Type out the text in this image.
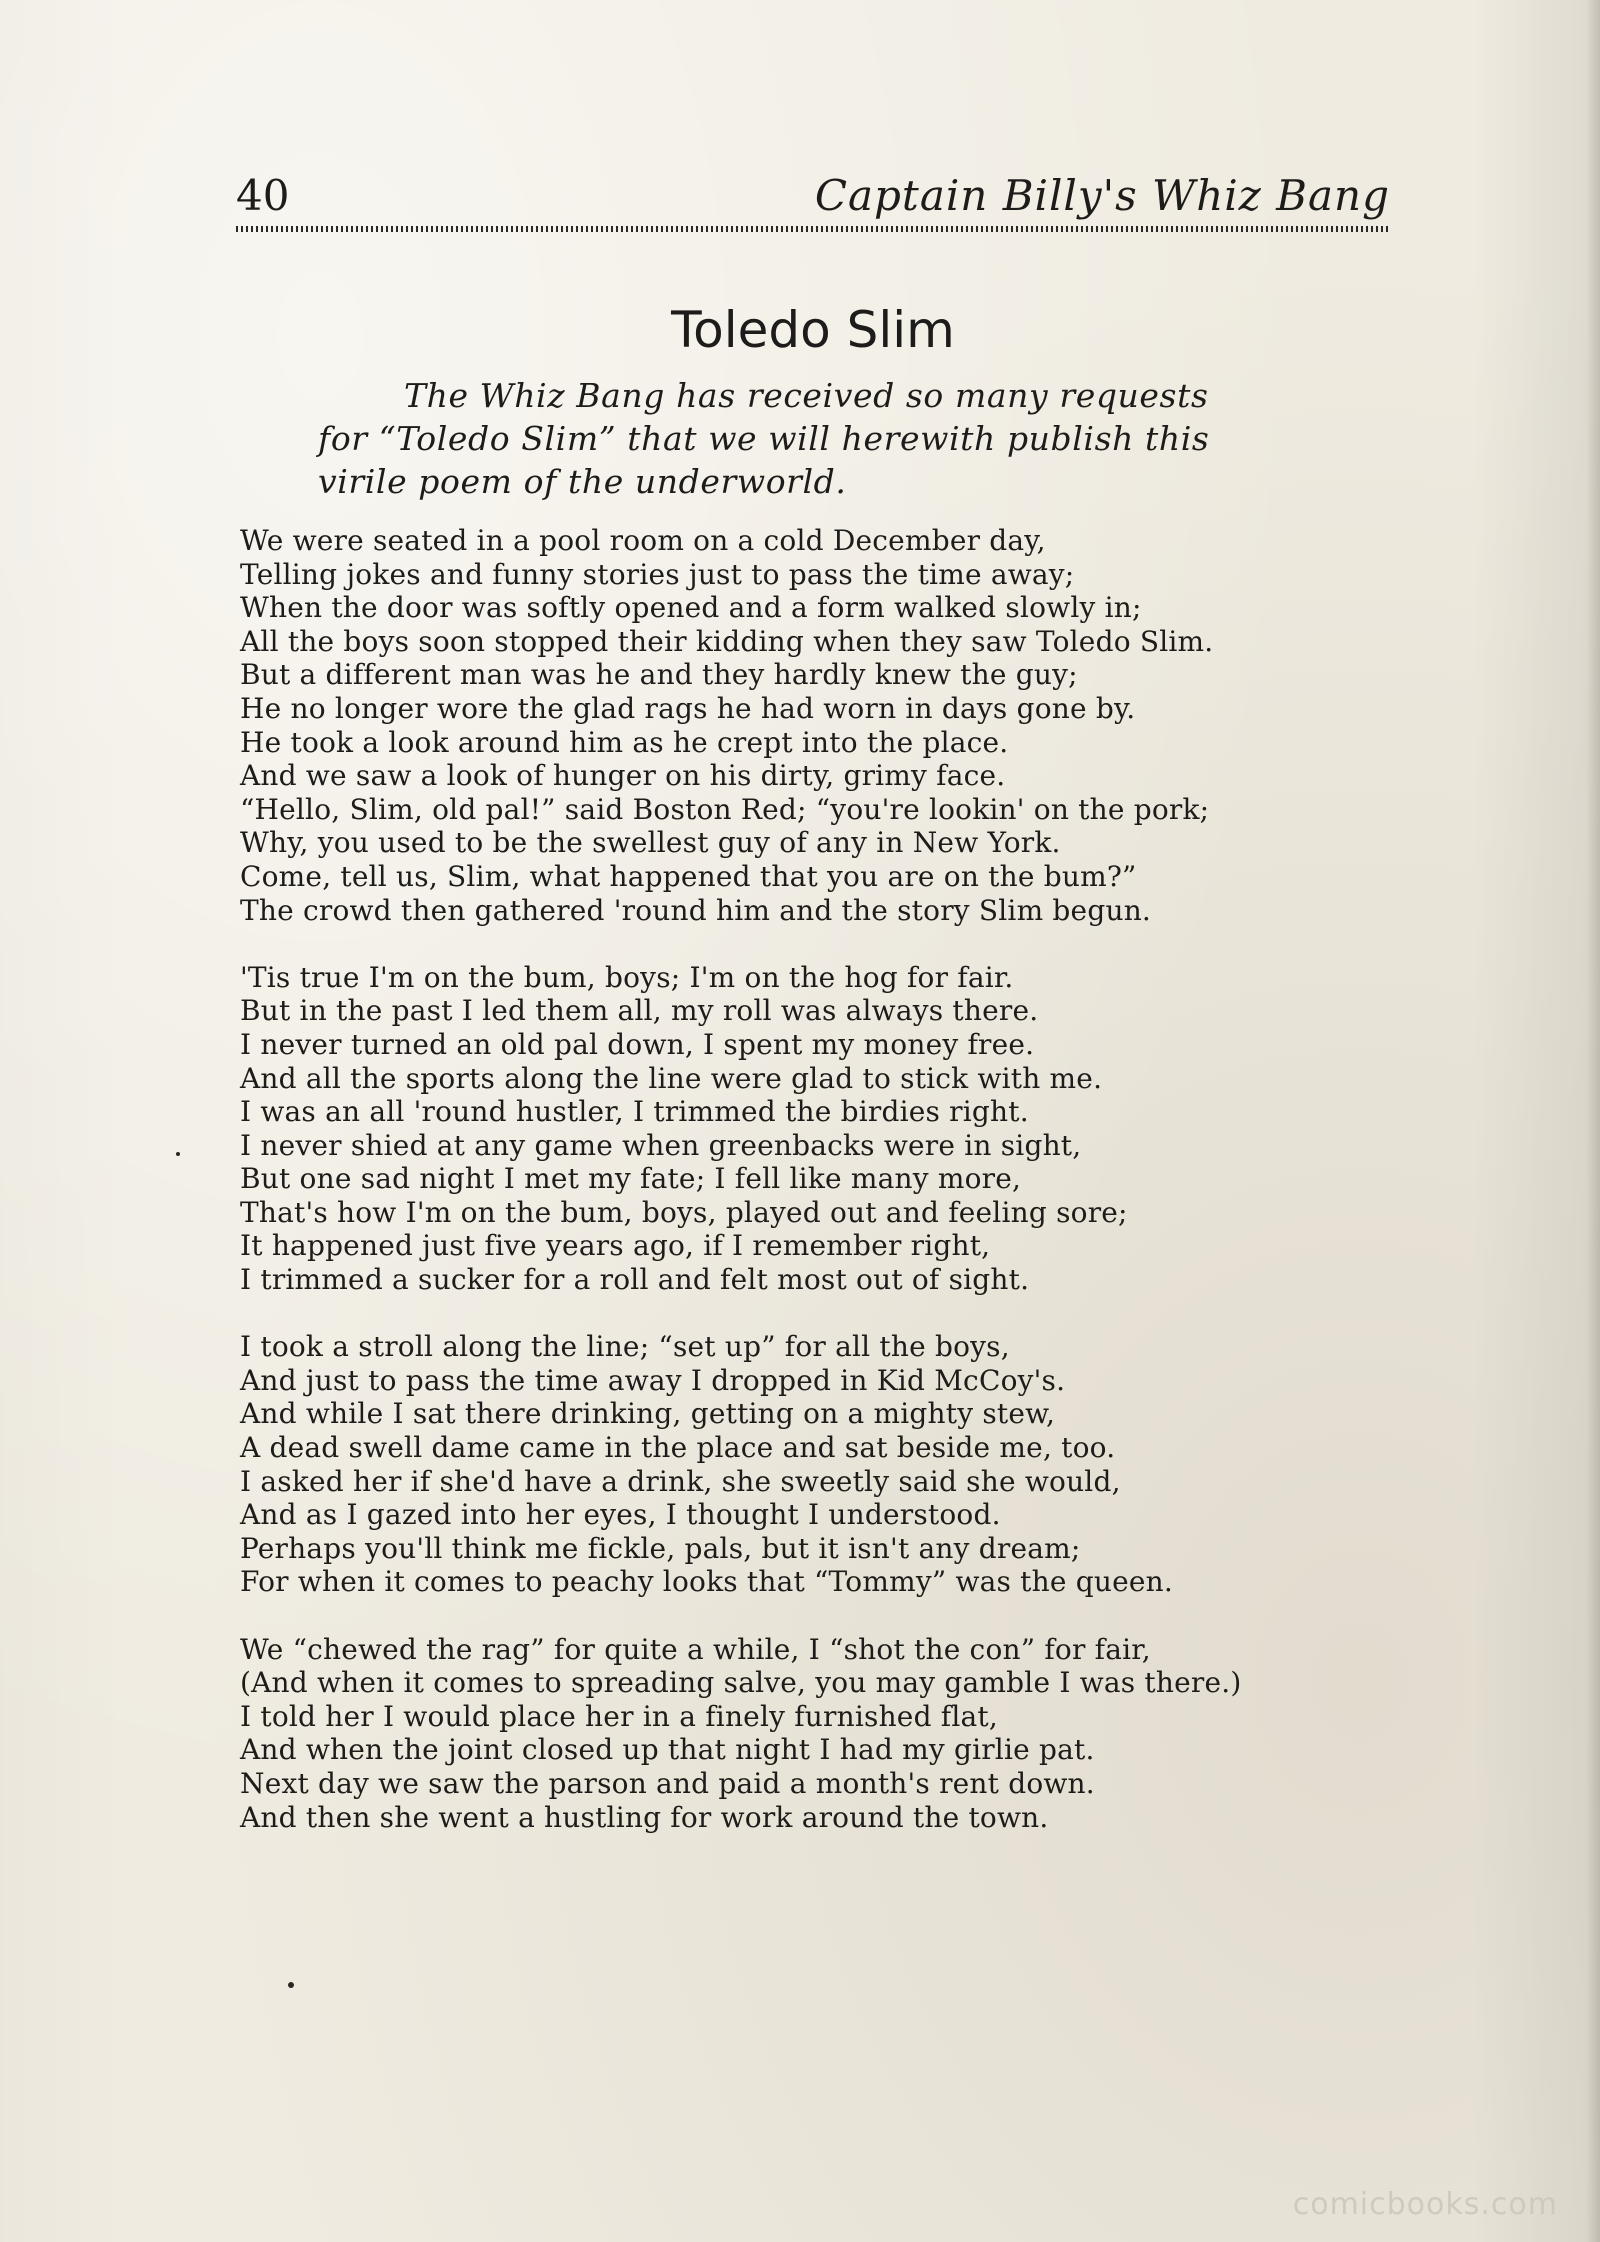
40	Captain Billy's Whiz Bang
Toledo Slim
The Whiz Bang has received so many requests
for “Toledo Slim” that we will herewith publish this
virile poem of the underworld.
We were seated in a pool room on a cold December day,
Telling jokes and funny stories just to pass the time away;
When the door was softly opened and a form walked slowly in;
All the boys soon stopped their kidding when they saw Toledo Slim.
But a different man was he and they hardly knew the guy;
He no longer wore the glad rags he had worn in days gone by.
He took a look around him as he crept into the place.
And we saw a look of hunger on his dirty, grimy face.
“Hello, Slim, old pal!” said Boston Red; “you're lookin' on the pork;
Why, you used to be the swellest guy of any in New York.
Come, tell us, Slim, what happened that you are on the bum?”
The crowd then gathered 'round him and the story Slim begun.
'Tis true I'm on the bum, boys; I'm on the hog for fair.
But in the past I led them all, my roll was always there.
I never turned an old pal down, I spent my money free.
And all the sports along the line were glad to stick with me.
I was an all 'round hustler, I trimmed the birdies right.
I never shied at any game when greenbacks were in sight,
But one sad night I met my fate; I fell like many more,
That's how I'm on the bum, boys, played out and feeling sore;
It happened just five years ago, if I remember right,
I trimmed a sucker for a roll and felt most out of sight.
I took a stroll along the line; “set up” for all the boys,
And just to pass the time away I dropped in Kid McCoy's.
And while I sat there drinking, getting on a mighty stew,
A dead swell dame came in the place and sat beside me, too.
I asked her if she'd have a drink, she sweetly said she would,
And as I gazed into her eyes, I thought I understood.
Perhaps you'll think me fickle, pals, but it isn't any dream;
For when it comes to peachy looks that “Tommy” was the queen.
We “chewed the rag” for quite a while, I “shot the con” for fair,
(And when it comes to spreading salve, you may gamble I was there.)
I told her I would place her in a finely furnished flat,
And when the joint closed up that night I had my girlie pat.
Next day we saw the parson and paid a month's rent down.
And then she went a hustling for work around the town.
comicbooks.com
